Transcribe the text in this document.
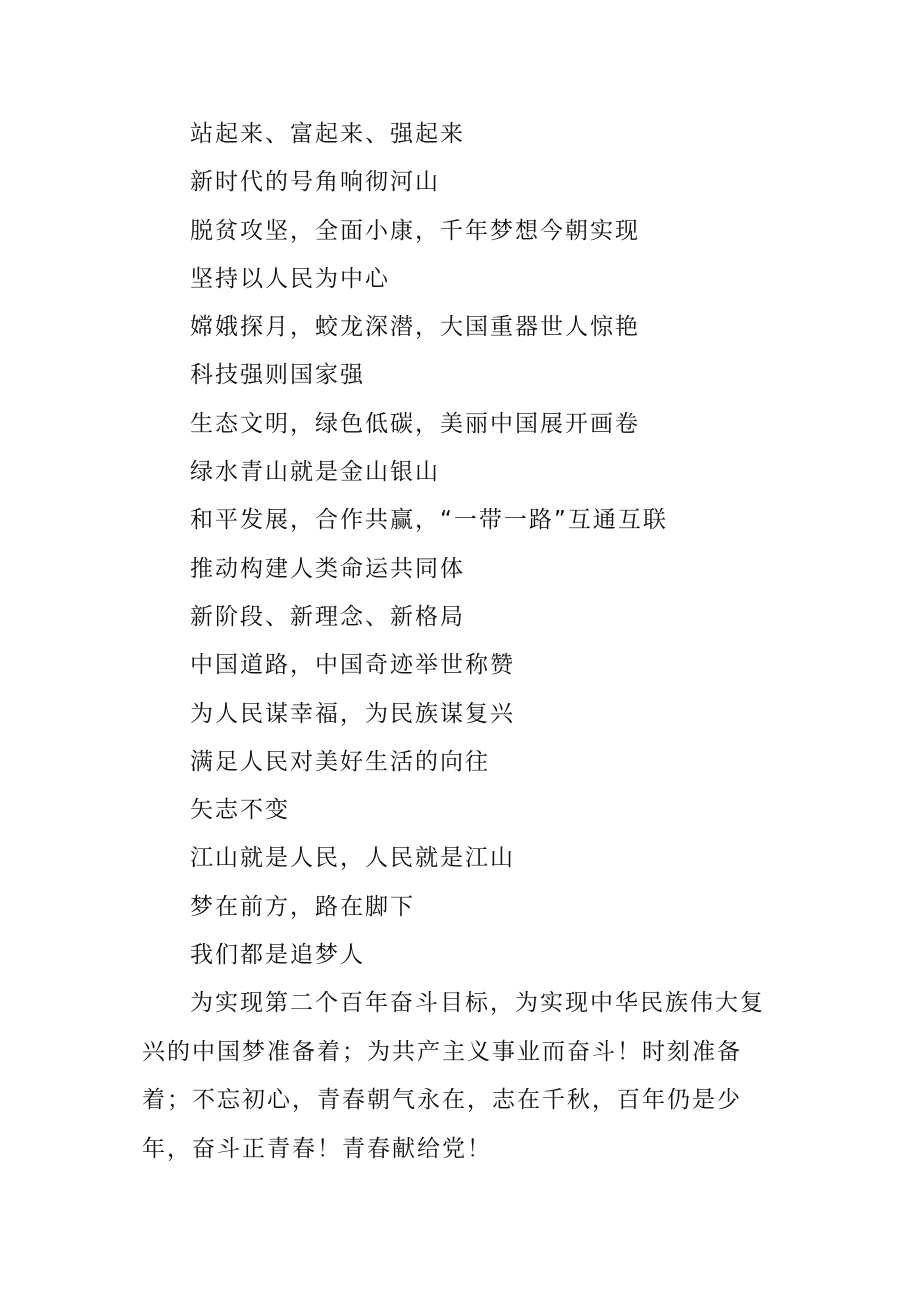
站起来、富起来、强起来

新时代的号角响彻河山

脱贫攻坚，全面小康，千年梦想今朝实现

坚持以人民为中心

嫦娥探月，蛟龙深潜，大国重器世人惊艳

科技强则国家强

生态文明，绿色低碳，美丽中国展开画卷

绿水青山就是金山银山

和平发展，合作共赢，“一带一路”互通互联

推动构建人类命运共同体

新阶段、新理念、新格局

中国道路，中国奇迹举世称赞

为人民谋幸福，为民族谋复兴

满足人民对美好生活的向往

矢志不变

江山就是人民，人民就是江山

梦在前方，路在脚下

我们都是追梦人

为实现第二个百年奋斗目标，为实现中华民族伟大复兴的中国梦准备着；为共产主义事业而奋斗！时刻准备着；不忘初心，青春朝气永在，志在千秋，百年仍是少年，奋斗正青春！青春献给党！
